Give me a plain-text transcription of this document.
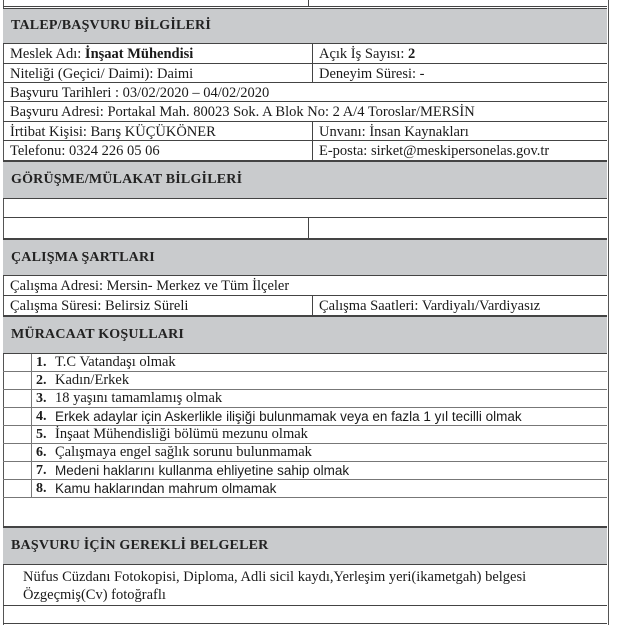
TALEP/BAŞVURU BİLGİLERİ
Meslek Adı: İnşaat Mühendisi	Açık İş Sayısı: 2
Niteliği (Geçici/ Daimi): Daimi	Deneyim Süresi: -
Başvuru Tarihleri : 03/02/2020 – 04/02/2020
Başvuru Adresi: Portakal Mah. 80023 Sok. A Blok No: 2 A/4 Toroslar/MERSİN
İrtibat Kişisi: Barış KÜÇÜKÖNER	Unvanı: İnsan Kaynakları
Telefonu: 0324 226 05 06	E-posta: sirket@meskipersonelas.gov.tr
GÖRÜŞME/MÜLAKAT BİLGİLERİ
ÇALIŞMA ŞARTLARI
Çalışma Adresi: Mersin- Merkez ve Tüm İlçeler
Çalışma Süresi: Belirsiz Süreli	Çalışma Saatleri: Vardiyalı/Vardiyasız
MÜRACAAT KOŞULLARI
1. T.C Vatandaşı olmak
2. Kadın/Erkek
3. 18 yaşını tamamlamış olmak
4. Erkek adaylar için Askerlikle ilişiği bulunmamak veya en fazla 1 yıl tecilli olmak
5. İnşaat Mühendisliği bölümü mezunu olmak
6. Çalışmaya engel sağlık sorunu bulunmamak
7. Medeni haklarını kullanma ehliyetine sahip olmak
8. Kamu haklarından mahrum olmamak
BAŞVURU İÇİN GEREKLİ BELGELER
Nüfus Cüzdanı Fotokopisi, Diploma, Adli sicil kaydı,Yerleşim yeri(ikametgah) belgesi
Özgeçmiş(Cv) fotoğraflı
